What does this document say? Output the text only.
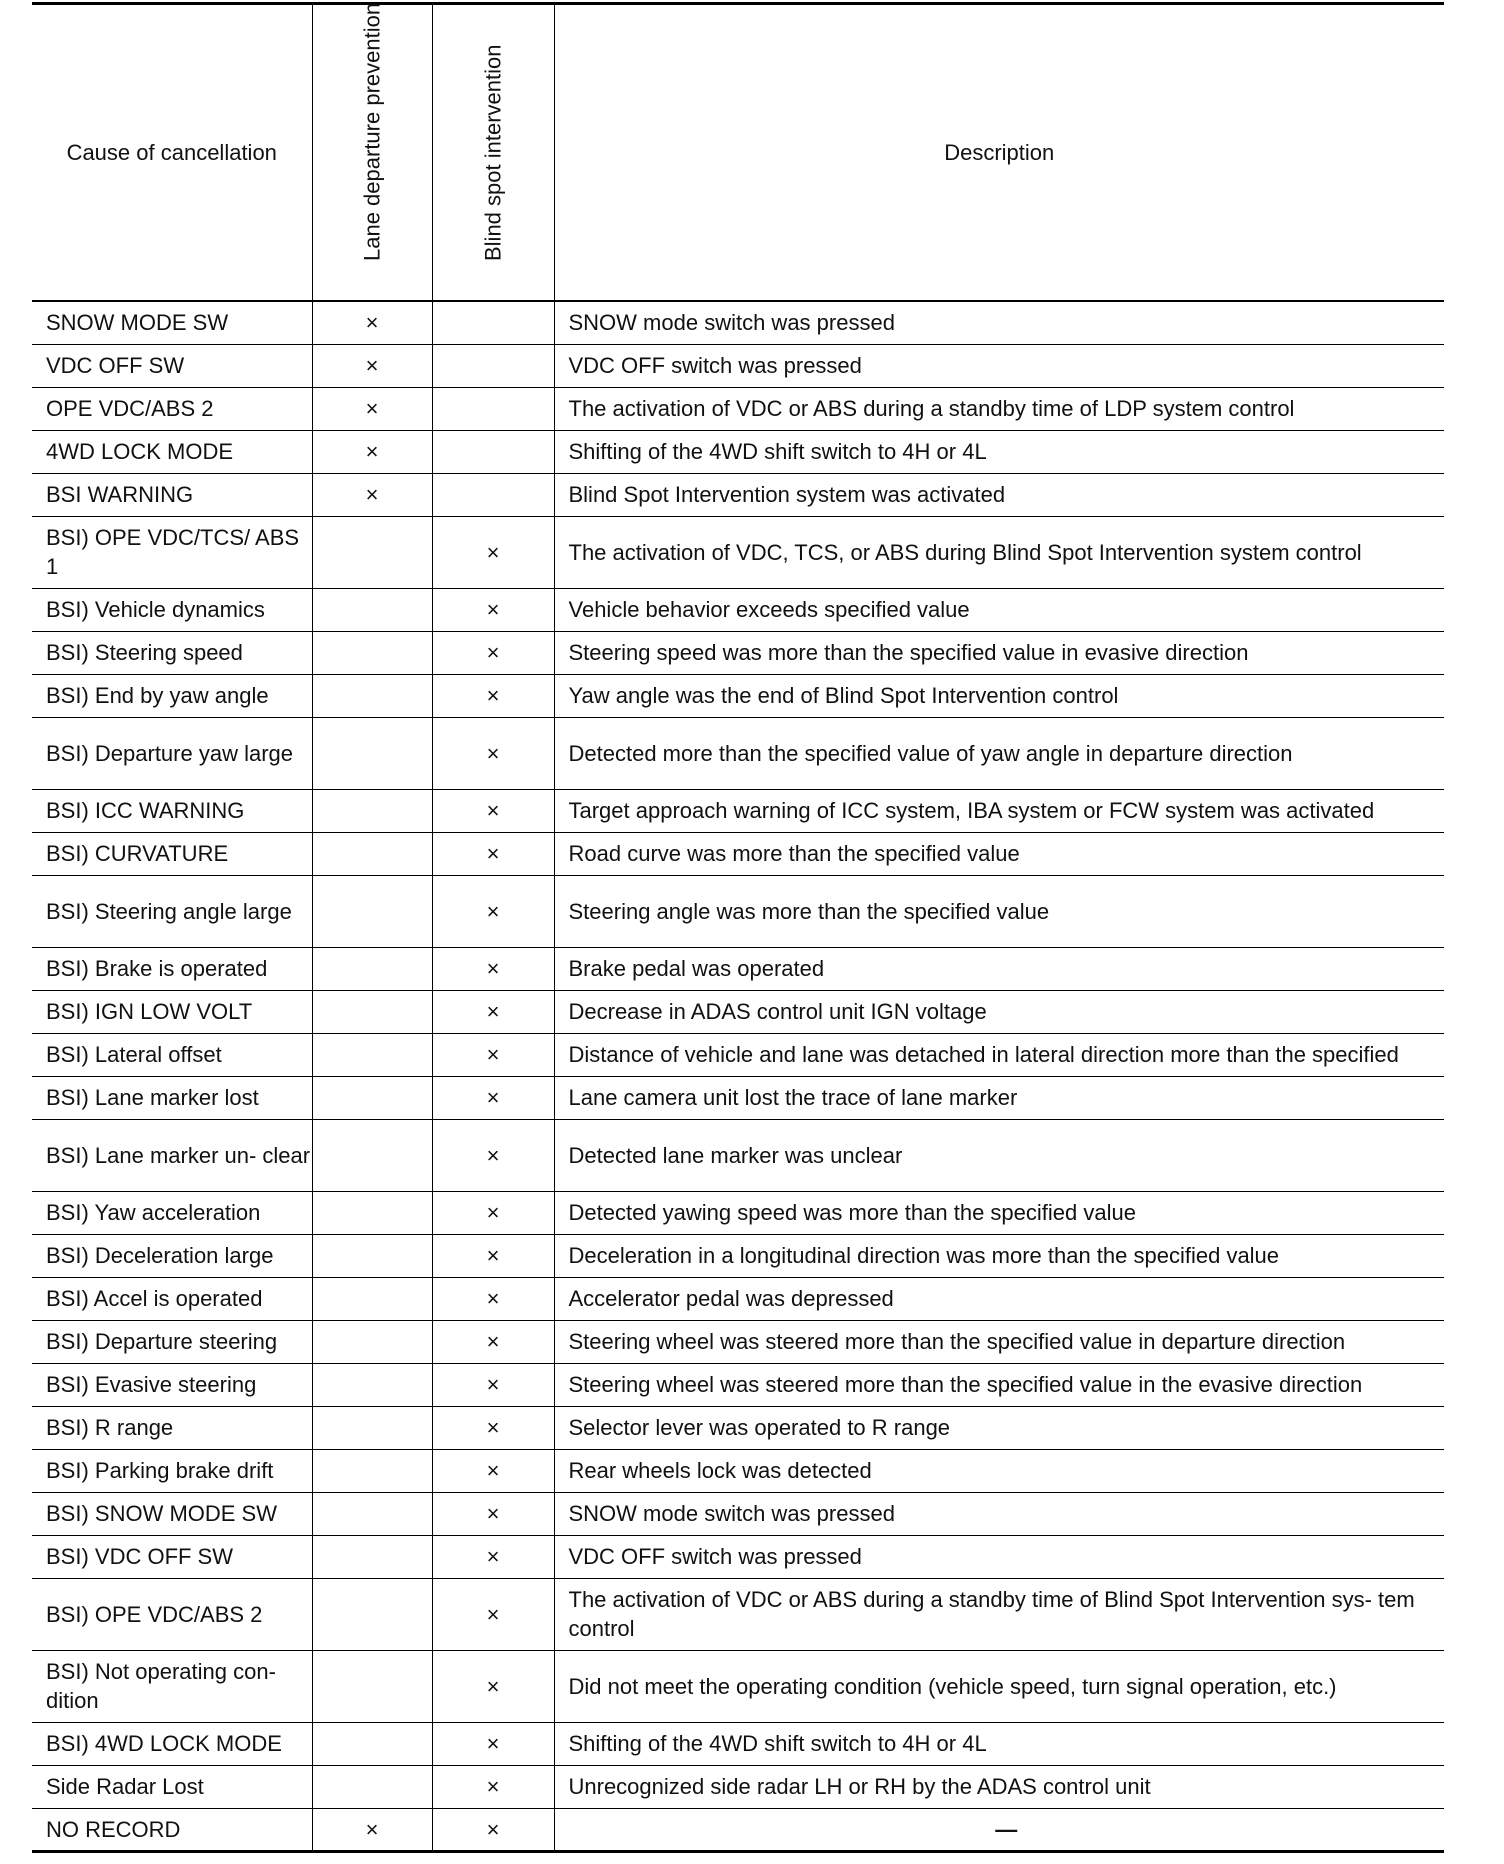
Cause of cancellation	Lane departure prevention	Blind spot intervention	Description
SNOW MODE SW	×		SNOW mode switch was pressed
VDC OFF SW	×		VDC OFF switch was pressed
OPE VDC/ABS 2	×		The activation of VDC or ABS during a standby time of LDP system control
4WD LOCK MODE	×		Shifting of the 4WD shift switch to 4H or 4L
BSI WARNING	×		Blind Spot Intervention system was activated
BSI) OPE VDC/TCS/ ABS 1		×	The activation of VDC, TCS, or ABS during Blind Spot Intervention system control
BSI) Vehicle dynamics		×	Vehicle behavior exceeds specified value
BSI) Steering speed		×	Steering speed was more than the specified value in evasive direction
BSI) End by yaw angle		×	Yaw angle was the end of Blind Spot Intervention control
BSI) Departure yaw large		×	Detected more than the specified value of yaw angle in departure direction
BSI) ICC WARNING		×	Target approach warning of ICC system, IBA system or FCW system was activated
BSI) CURVATURE		×	Road curve was more than the specified value
BSI) Steering angle large		×	Steering angle was more than the specified value
BSI) Brake is operated		×	Brake pedal was operated
BSI) IGN LOW VOLT		×	Decrease in ADAS control unit IGN voltage
BSI) Lateral offset		×	Distance of vehicle and lane was detached in lateral direction more than the specified
BSI) Lane marker lost		×	Lane camera unit lost the trace of lane marker
BSI) Lane marker un- clear		×	Detected lane marker was unclear
BSI) Yaw acceleration		×	Detected yawing speed was more than the specified value
BSI) Deceleration large		×	Deceleration in a longitudinal direction was more than the specified value
BSI) Accel is operated		×	Accelerator pedal was depressed
BSI) Departure steering		×	Steering wheel was steered more than the specified value in departure direction
BSI) Evasive steering		×	Steering wheel was steered more than the specified value in the evasive direction
BSI) R range		×	Selector lever was operated to R range
BSI) Parking brake drift		×	Rear wheels lock was detected
BSI) SNOW MODE SW		×	SNOW mode switch was pressed
BSI) VDC OFF SW		×	VDC OFF switch was pressed
BSI) OPE VDC/ABS 2		×	The activation of VDC or ABS during a standby time of Blind Spot Intervention sys- tem control
BSI) Not operating con- dition		×	Did not meet the operating condition (vehicle speed, turn signal operation, etc.)
BSI) 4WD LOCK MODE		×	Shifting of the 4WD shift switch to 4H or 4L
Side Radar Lost		×	Unrecognized side radar LH or RH by the ADAS control unit
NO RECORD	×	×	—
